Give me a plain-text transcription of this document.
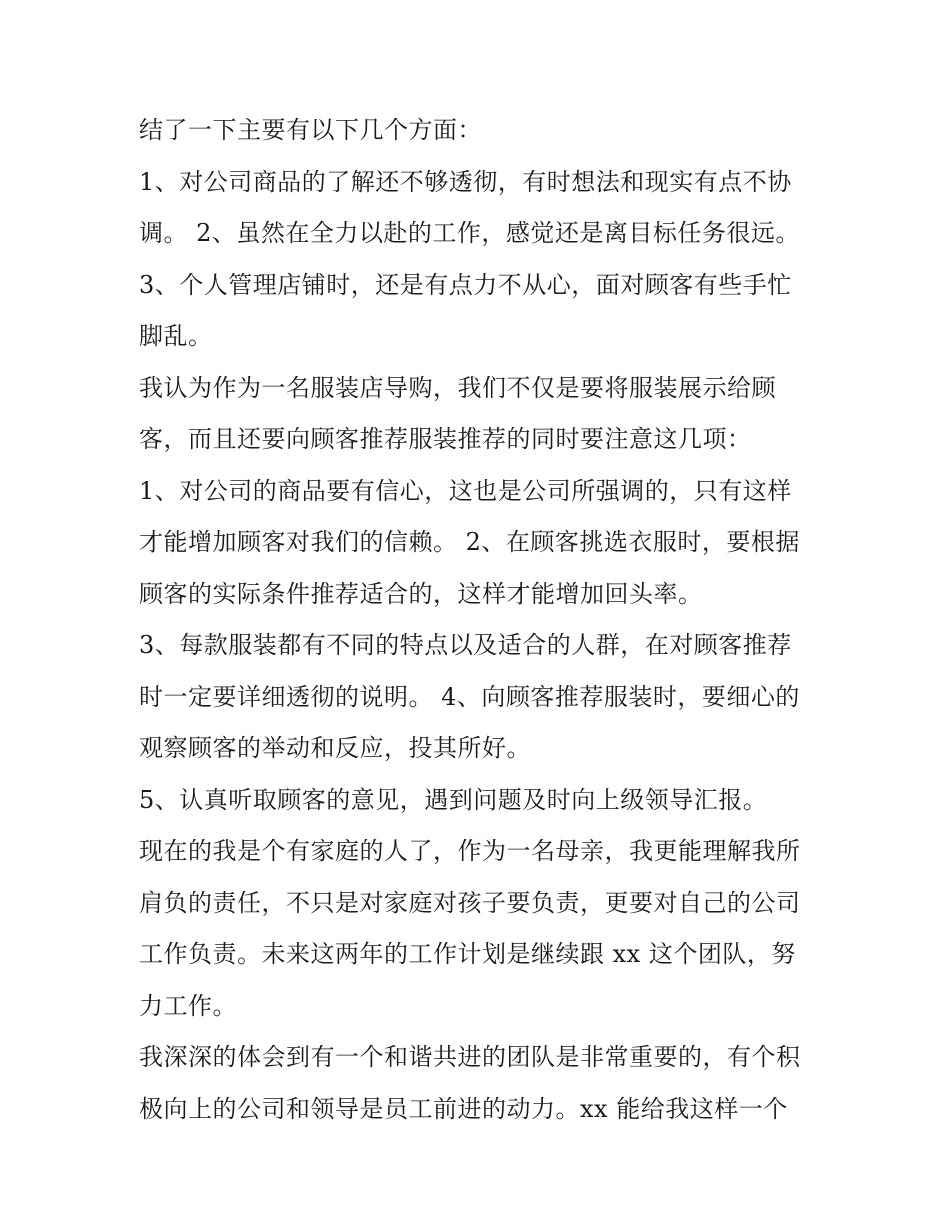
结了一下主要有以下几个方面：
1、对公司商品的了解还不够透彻，有时想法和现实有点不协
调。 2、虽然在全力以赴的工作，感觉还是离目标任务很远。
3、个人管理店铺时，还是有点力不从心，面对顾客有些手忙
脚乱。
我认为作为一名服装店导购，我们不仅是要将服装展示给顾
客，而且还要向顾客推荐服装推荐的同时要注意这几项：
1、对公司的商品要有信心，这也是公司所强调的，只有这样
才能增加顾客对我们的信赖。 2、在顾客挑选衣服时，要根据
顾客的实际条件推荐适合的，这样才能增加回头率。
3、每款服装都有不同的特点以及适合的人群，在对顾客推荐
时一定要详细透彻的说明。 4、向顾客推荐服装时，要细心的
观察顾客的举动和反应，投其所好。
5、认真听取顾客的意见，遇到问题及时向上级领导汇报。
现在的我是个有家庭的人了，作为一名母亲，我更能理解我所
肩负的责任，不只是对家庭对孩子要负责，更要对自己的公司
工作负责。未来这两年的工作计划是继续跟 xx 这个团队，努
力工作。
我深深的体会到有一个和谐共进的团队是非常重要的，有个积
极向上的公司和领导是员工前进的动力。xx 能给我这样一个
